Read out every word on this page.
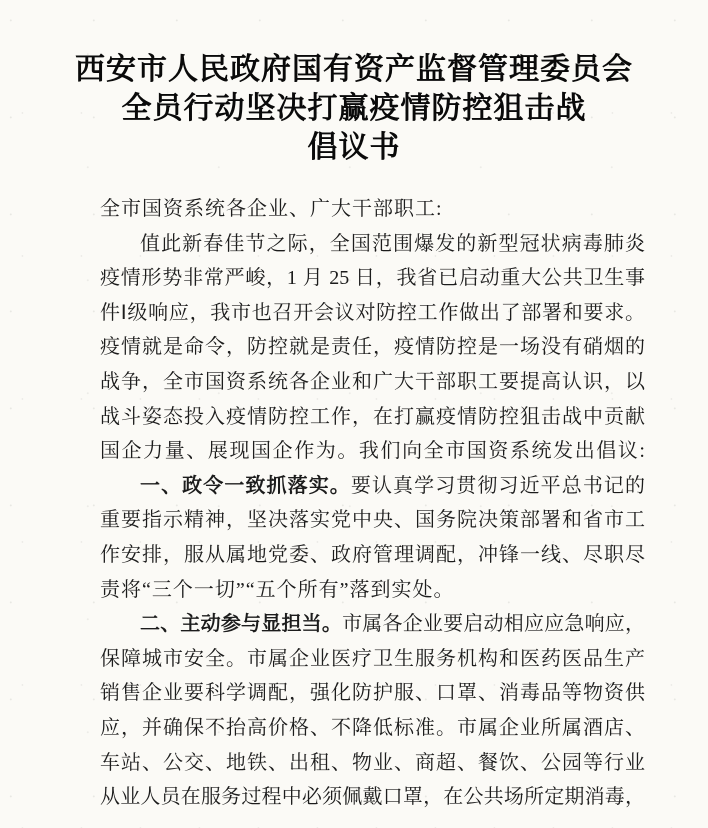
西安市人民政府国有资产监督管理委员会
全员行动坚决打赢疫情防控狙击战
倡议书
全市国资系统各企业、广大干部职工:
值此新春佳节之际，全国范围爆发的新型冠状病毒肺炎
疫情形势非常严峻，1 月 25 日，我省已启动重大公共卫生事
件Ⅰ级响应，我市也召开会议对防控工作做出了部署和要求。
疫情就是命令，防控就是责任，疫情防控是一场没有硝烟的
战争，全市国资系统各企业和广大干部职工要提高认识，以
战斗姿态投入疫情防控工作，在打赢疫情防控狙击战中贡献
国企力量、展现国企作为。我们向全市国资系统发出倡议:
一、政令一致抓落实。要认真学习贯彻习近平总书记的
重要指示精神，坚决落实党中央、国务院决策部署和省市工
作安排，服从属地党委、政府管理调配，冲锋一线、尽职尽
责将“三个一切”“五个所有”落到实处。
二、主动参与显担当。市属各企业要启动相应应急响应，
保障城市安全。市属企业医疗卫生服务机构和医药医品生产
销售企业要科学调配，强化防护服、口罩、消毒品等物资供
应，并确保不抬高价格、不降低标准。市属企业所属酒店、
车站、公交、地铁、出租、物业、商超、餐饮、公园等行业
从业人员在服务过程中必须佩戴口罩，在公共场所定期消毒，
